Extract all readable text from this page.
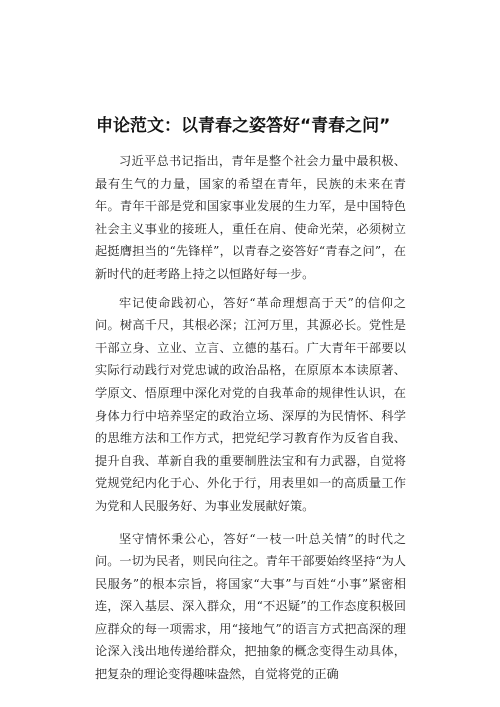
申论范文：以青春之姿答好“青春之问”

习近平总书记指出，青年是整个社会力量中最积极、最有生气的力量，国家的希望在青年，民族的未来在青年。青年干部是党和国家事业发展的生力军，是中国特色社会主义事业的接班人，重任在肩、使命光荣，必须树立起挺膺担当的“先锋样”，以青春之姿答好“青春之问”，在新时代的赶考路上持之以恒路好每一步。

牢记使命践初心，答好“革命理想高于天”的信仰之问。树高千尺，其根必深；江河万里，其源必长。党性是干部立身、立业、立言、立德的基石。广大青年干部要以实际行动践行对党忠诚的政治品格，在原原本本读原著、学原文、悟原理中深化对党的自我革命的规律性认识，在身体力行中培养坚定的政治立场、深厚的为民情怀、科学的思维方法和工作方式，把党纪学习教育作为反省自我、提升自我、革新自我的重要制胜法宝和有力武器，自觉将党规党纪内化于心、外化于行，用表里如一的高质量工作为党和人民服务好、为事业发展献好策。

坚守情怀秉公心，答好“一枝一叶总关情”的时代之问。一切为民者，则民向往之。青年干部要始终坚持“为人民服务”的根本宗旨，将国家“大事”与百姓“小事”紧密相连，深入基层、深入群众，用“不迟疑”的工作态度积极回应群众的每一项需求，用“接地气”的语言方式把高深的理论深入浅出地传递给群众，把抽象的概念变得生动具体，把复杂的理论变得趣味盎然，自觉将党的正确
